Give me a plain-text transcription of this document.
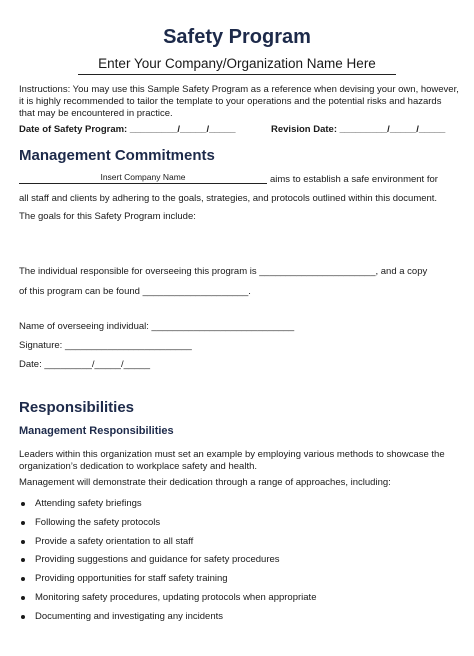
Safety Program
Enter Your Company/Organization Name Here
Instructions: You may use this Sample Safety Program as a reference when devising your own, however, it is highly recommended to tailor the template to your operations and the potential risks and hazards that may be encountered in practice.
Date of Safety Program: _________/_____/_____	Revision Date: _________/_____/_____
Management Commitments
Insert Company Name	aims to establish a safe environment for
all staff and clients by adhering to the goals, strategies, and protocols outlined within this document.
The goals for this Safety Program include:
The individual responsible for overseeing this program is ______________________, and a copy
of this program can be found ____________________.
Name of overseeing individual: ___________________________
Signature: ________________________
Date: _________/_____/_____
Responsibilities
Management Responsibilities
Leaders within this organization must set an example by employing various methods to showcase the organization’s dedication to workplace safety and health.
Management will demonstrate their dedication through a range of approaches, including:
Attending safety briefings
Following the safety protocols
Provide a safety orientation to all staff
Providing suggestions and guidance for safety procedures
Providing opportunities for staff safety training
Monitoring safety procedures, updating protocols when appropriate
Documenting and investigating any incidents
